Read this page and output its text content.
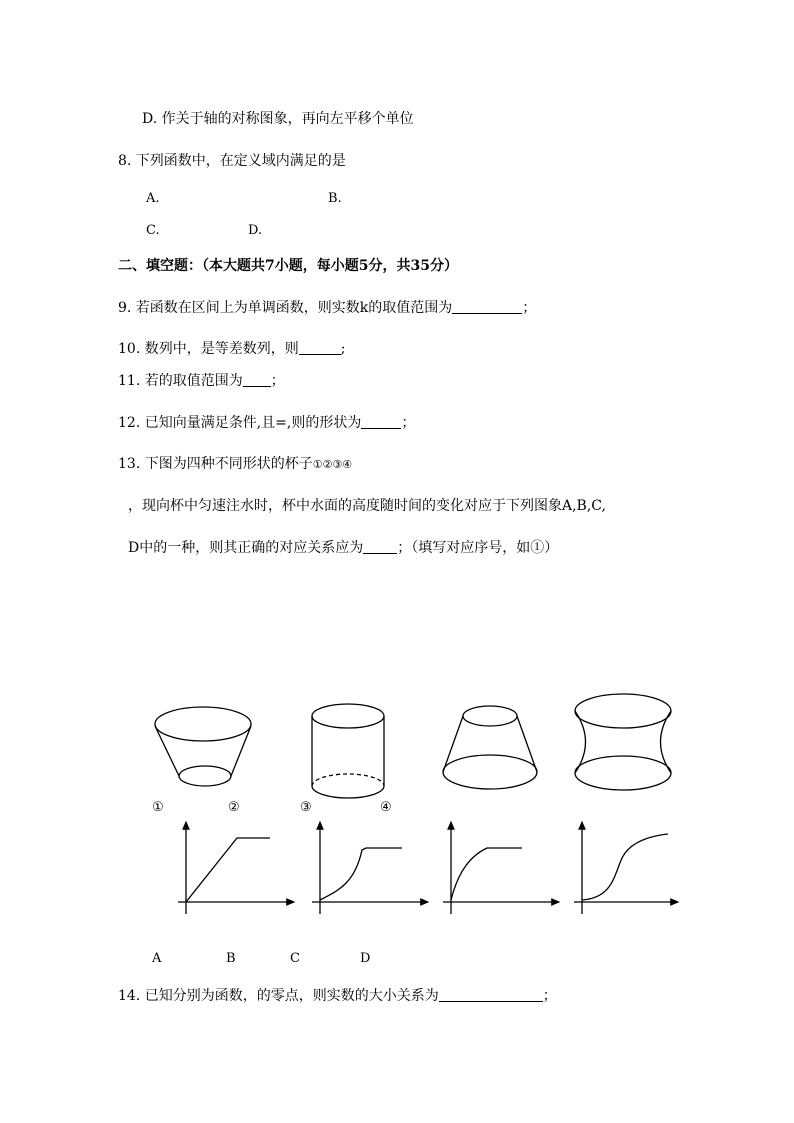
D. 作关于轴的对称图象，再向左平移个单位
8. 下列函数中，在定义域内满足的是
A.	B.
C.	D.
二、填空题：（本大题共7小题，每小题5分，共35分）
9. 若函数在区间上为单调函数，则实数k的取值范围为	；
10. 数列中，是等差数列，则	;
11. 若的取值范围为 ；
12. 已知向量满足条件,且=,则的形状为	；
13. 下图为四种不同形状的杯子①②③④
，现向杯中匀速注水时，杯中水面的高度随时间的变化对应于下列图象A,B,C,
D中的一种，则其正确的对应关系应为 ；（填写对应序号，如①）
①	②	③	④
A	B	C	D
14. 已知分别为函数，的零点，则实数的大小关系为	；
